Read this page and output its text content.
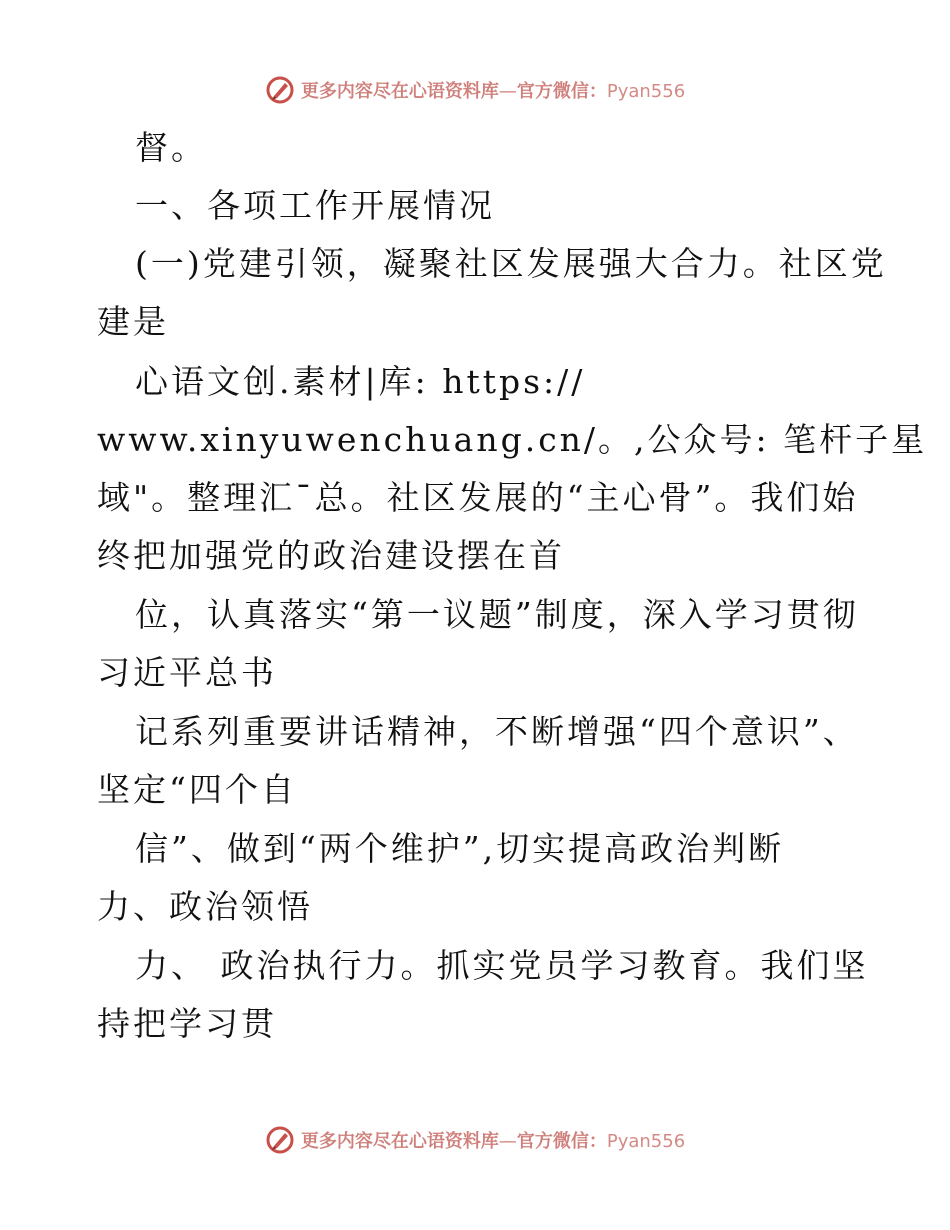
更多内容尽在心语资料库—官方微信：Pyan556
督。
一、各项工作开展情况
(一)党建引领，凝聚社区发展强大合力。社区党
建是
心语文创.素材|库: https://
www.xinyuwenchuang.cn/。,公众号: 笔杆子星
域"。整理汇¯总。社区发展的“主心骨”。我们始
终把加强党的政治建设摆在首
位，认真落实“第一议题”制度，深入学习贯彻
习近平总书
记系列重要讲话精神，不断增强“四个意识”、
坚定“四个自
信”、做到“两个维护”,切实提高政治判断
力、政治领悟
力、 政治执行力。抓实党员学习教育。我们坚
持把学习贯
更多内容尽在心语资料库—官方微信：Pyan556
